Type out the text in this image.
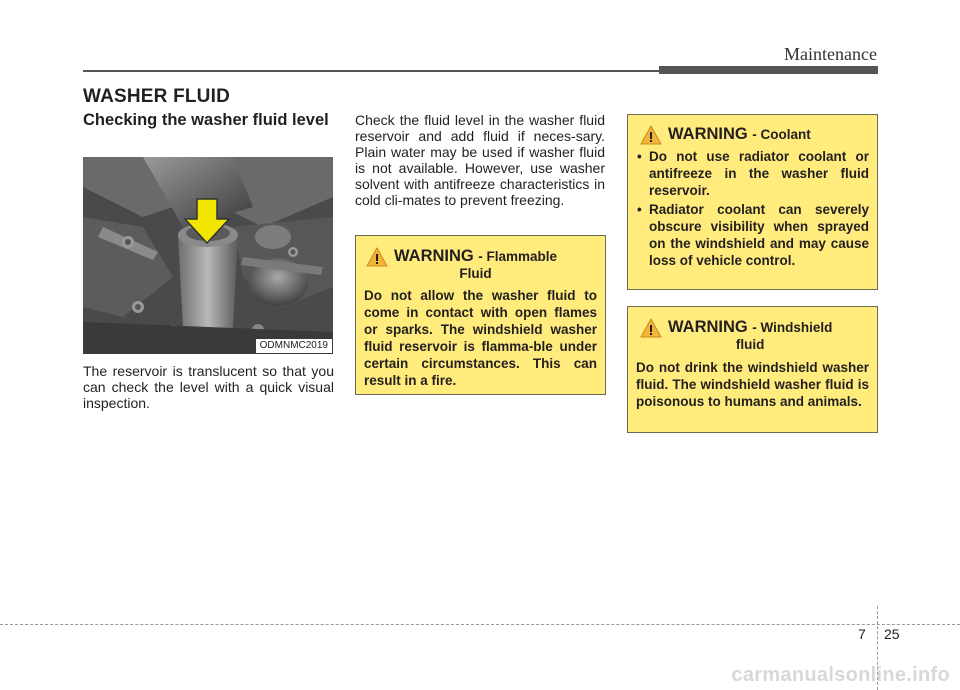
Maintenance
WASHER FLUID
Checking the washer fluid level
ODMNMC2019
The reservoir is translucent so that you can check the level with a quick visual inspection.
Check the fluid level in the washer fluid reservoir and add fluid if neces-sary. Plain water may be used if washer fluid is not available. However, use washer solvent with antifreeze characteristics in cold cli-mates to prevent freezing.
WARNING - Flammable
Fluid
Do not allow the washer fluid to come in contact with open flames or sparks. The windshield washer fluid reservoir is flamma-ble under certain circumstances. This can result in a fire.
WARNING - Coolant
• Do not use radiator coolant or antifreeze in the washer fluid reservoir.
• Radiator coolant can severely obscure visibility when sprayed on the windshield and may cause loss of vehicle control.
WARNING - Windshield
fluid
Do not drink the windshield washer fluid. The windshield washer fluid is poisonous to humans and animals.
7 25
carmanualsonline.info
